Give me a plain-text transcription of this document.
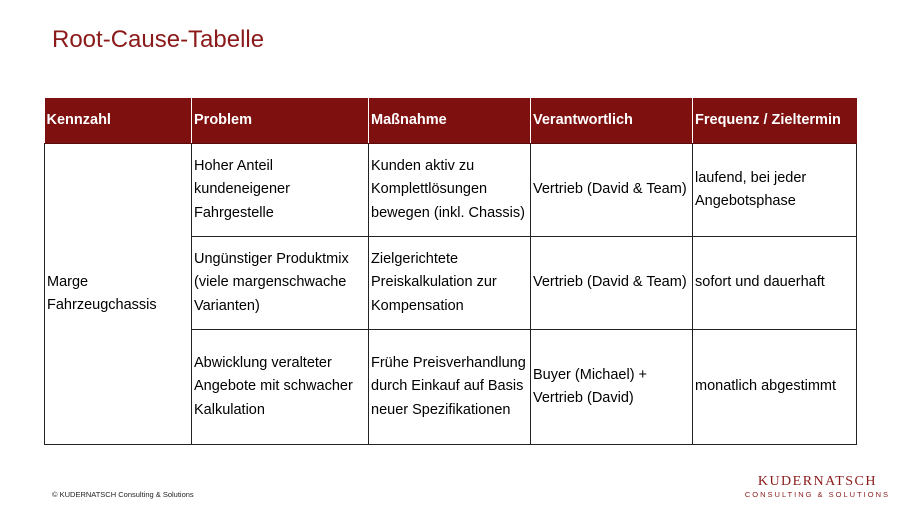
Root-Cause-Tabelle
Kennzahl	Problem	Maßnahme	Verantwortlich	Frequenz / Zieltermin
Marge Fahrzeugchassis	Hoher Anteil kundeneigener Fahrgestelle	Kunden aktiv zu Komplettlösungen bewegen (inkl. Chassis)	Vertrieb (David & Team)	laufend, bei jeder Angebotsphase
	Ungünstiger Produktmix (viele margenschwache Varianten)	Zielgerichtete Preiskalkulation zur Kompensation	Vertrieb (David & Team)	sofort und dauerhaft
	Abwicklung veralteter Angebote mit schwacher Kalkulation	Frühe Preisverhandlung durch Einkauf auf Basis neuer Spezifikationen	Buyer (Michael) + Vertrieb (David)	monatlich abgestimmt
© KUDERNATSCH Consulting & Solutions
KUDERNATSCH
CONSULTING & SOLUTIONS
